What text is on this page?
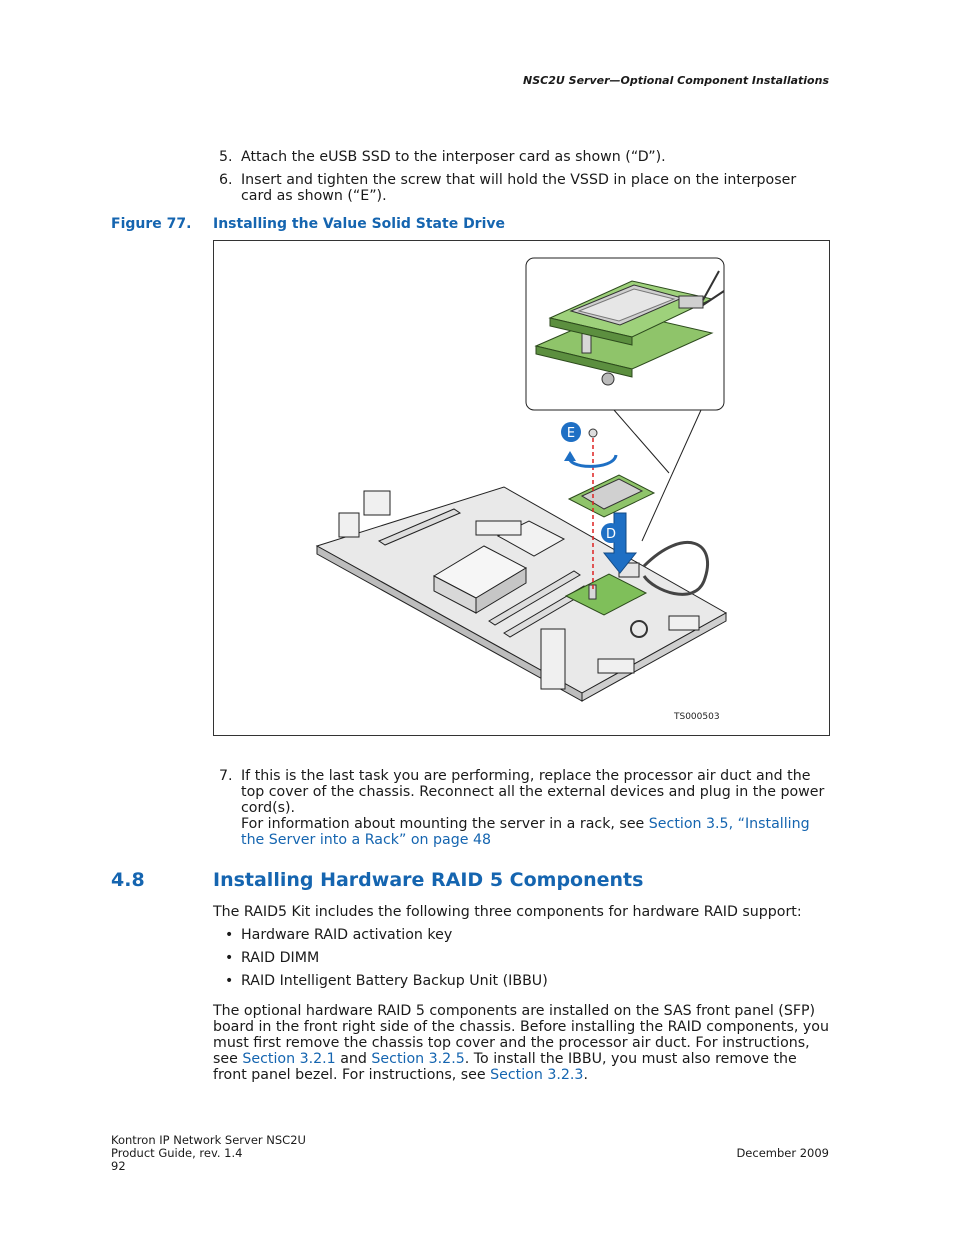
NSC2U Server—Optional Component Installations
5. Attach the eUSB SSD to the interposer card as shown (“D”).
6. Insert and tighten the screw that will hold the VSSD in place on the interposer card as shown (“E”).
Figure 77. Installing the Value Solid State Drive
D
E
TS000503
7. If this is the last task you are performing, replace the processor air duct and the top cover of the chassis. Reconnect all the external devices and plug in the power cord(s).
For information about mounting the server in a rack, see Section 3.5, “Installing the Server into a Rack” on page 48
4.8	Installing Hardware RAID 5 Components
The RAID5 Kit includes the following three components for hardware RAID support:
• Hardware RAID activation key
• RAID DIMM
• RAID Intelligent Battery Backup Unit (IBBU)
The optional hardware RAID 5 components are installed on the SAS front panel (SFP) board in the front right side of the chassis. Before installing the RAID components, you must first remove the chassis top cover and the processor air duct. For instructions, see Section 3.2.1 and Section 3.2.5. To install the IBBU, you must also remove the front panel bezel. For instructions, see Section 3.2.3.
Kontron IP Network Server NSC2U
Product Guide, rev. 1.4
92
December 2009
